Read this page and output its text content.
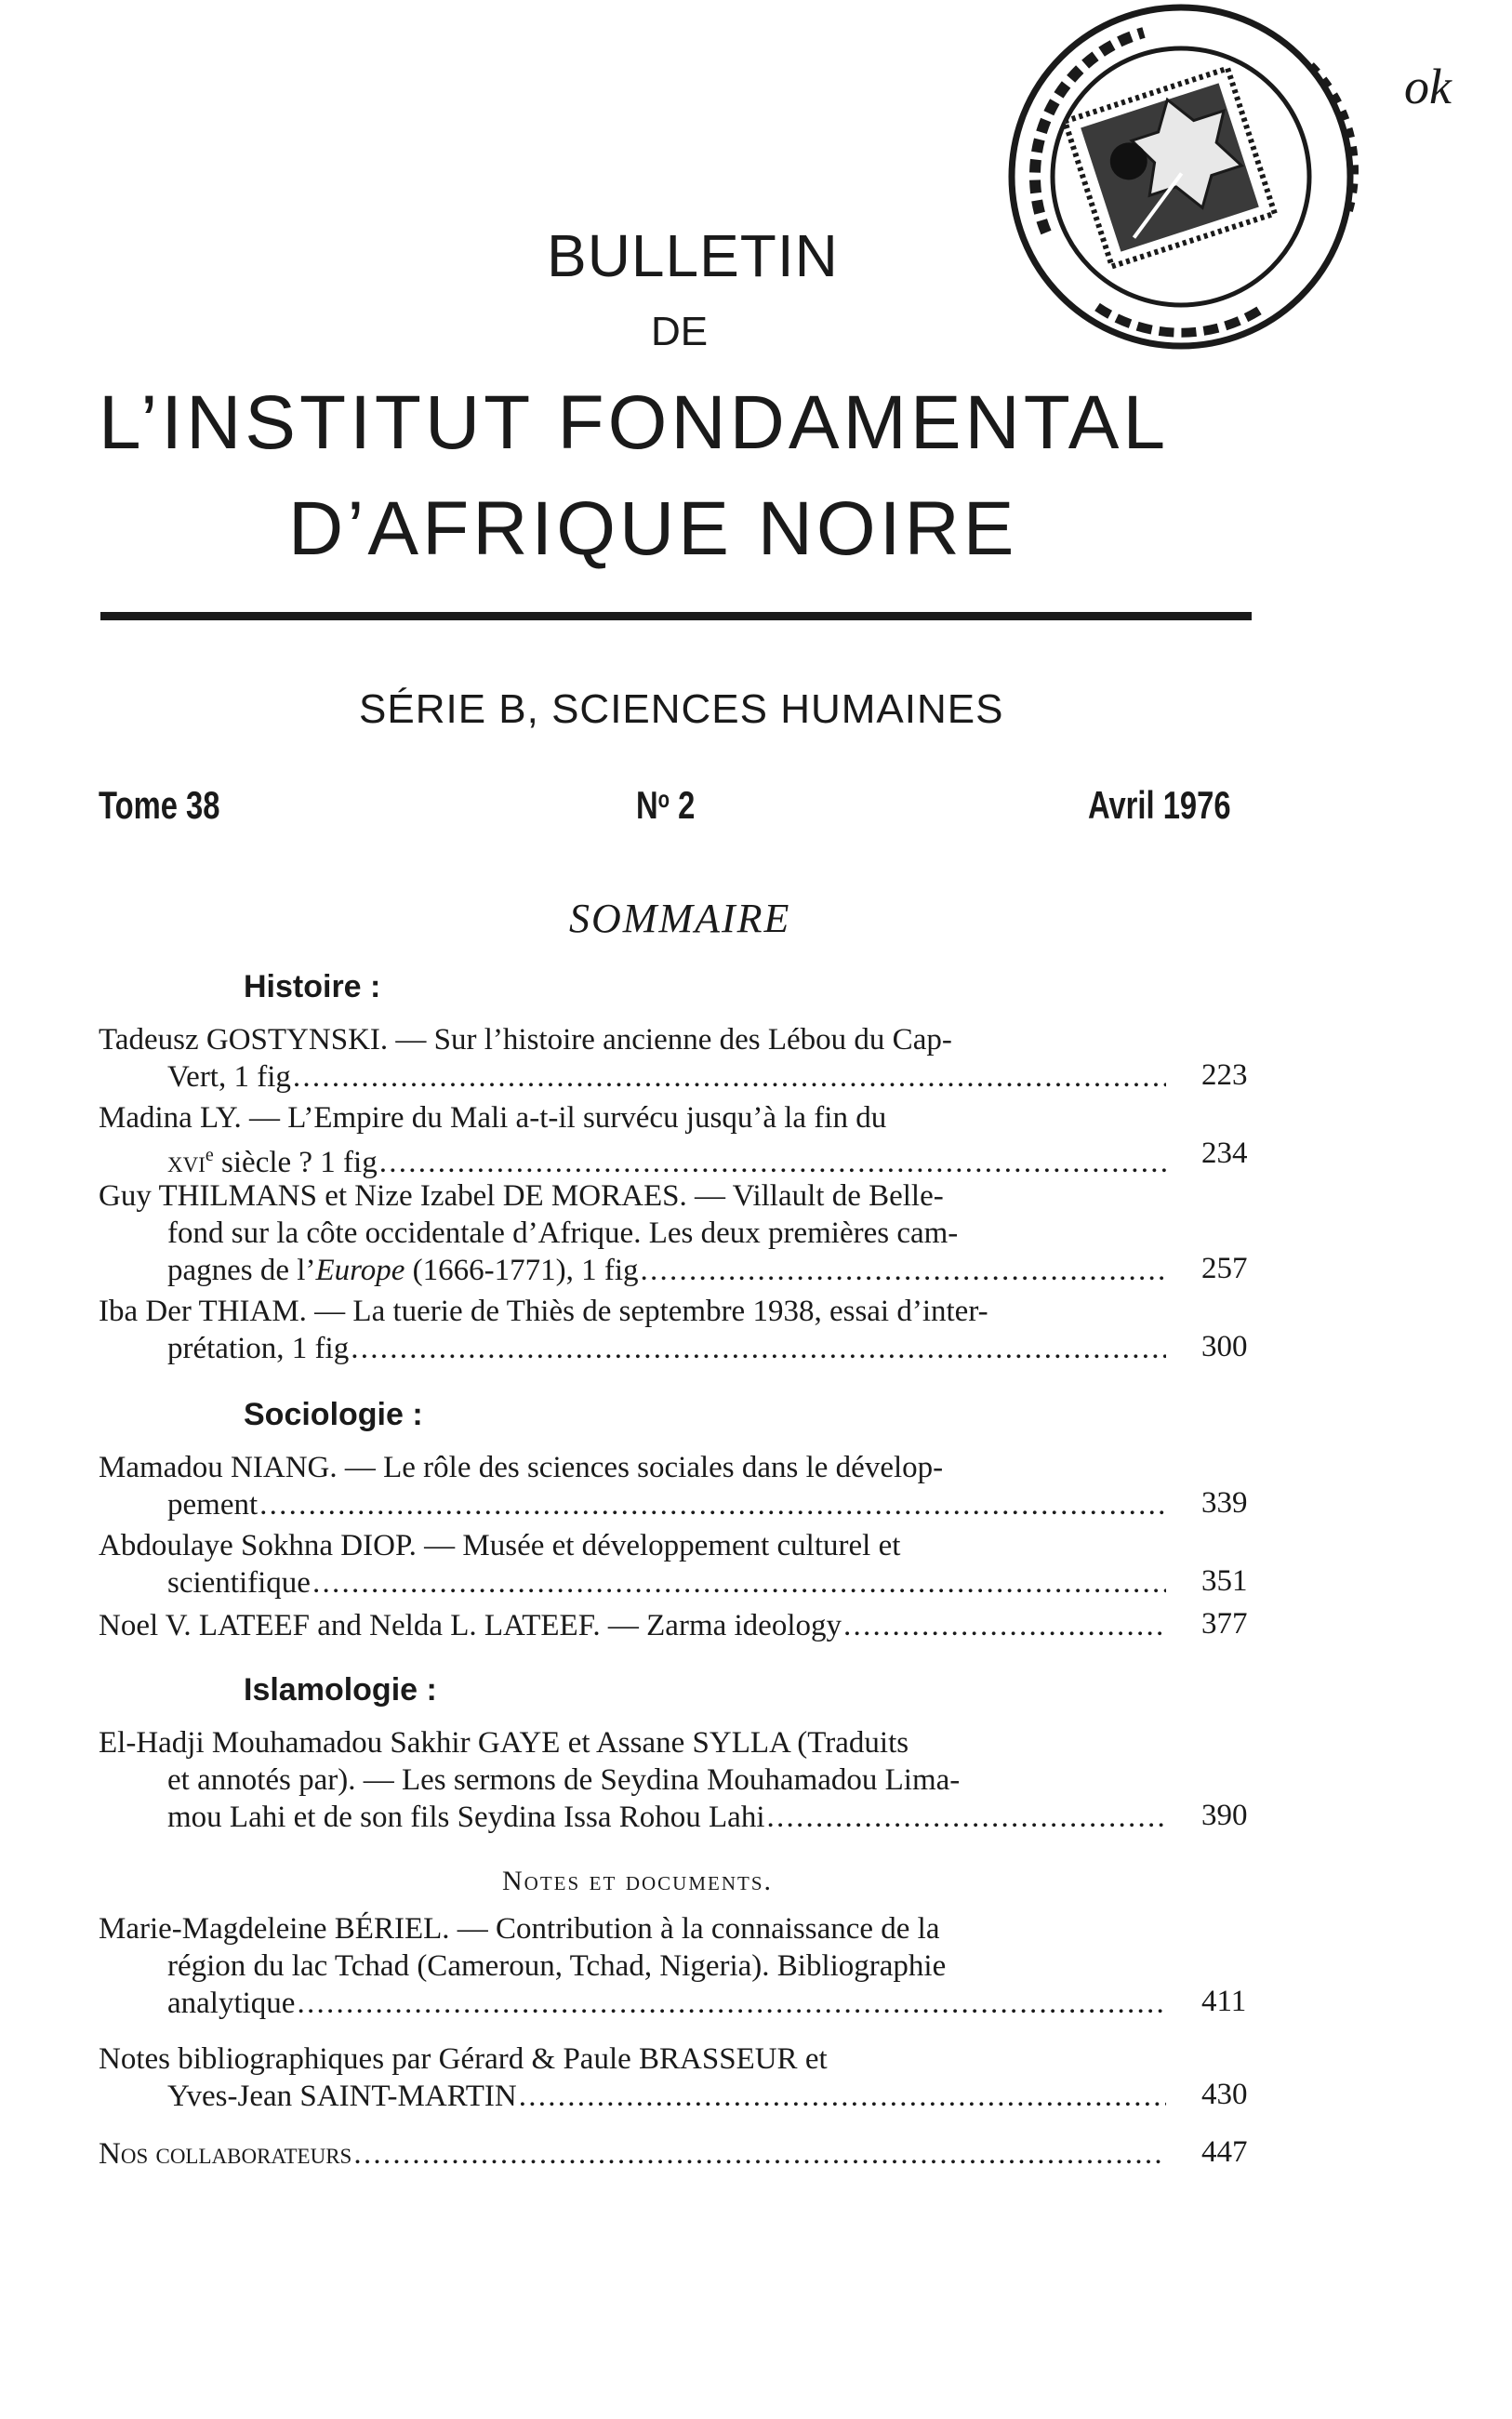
ok
BULLETIN
DE
L’INSTITUT FONDAMENTAL
D’AFRIQUE NOIRE
SÉRIE B, SCIENCES HUMAINES
Tome 38	$N^o$ 2	Avril 1976
SOMMAIRE
Histoire :
Tadeusz GOSTYNSKI. — Sur l’histoire ancienne des Lébou du Cap-
Vert, 1 fig . . .	223
Madina LY. — L’Empire du Mali a-t-il survécu jusqu’à la fin du
xvi$^e$ siècle ? 1 fig . . .	234
Guy THILMANS et Nize Izabel DE MORAES. — Villault de Belle-
fond sur la côte occidentale d’Afrique. Les deux premières cam-
pagnes de l’Europe (1666-1771), 1 fig . . .	257
Iba Der THIAM. — La tuerie de Thiès de septembre 1938, essai d’inter-
prétation, 1 fig . . .	300
Sociologie :
Mamadou NIANG. — Le rôle des sciences sociales dans le dévelop-
pement . . .	339
Abdoulaye Sokhna DIOP. — Musée et développement culturel et
scientifique . . .	351
Noel V. LATEEF and Nelda L. LATEEF. — Zarma ideology . . .	377
Islamologie :
El-Hadji Mouhamadou Sakhir GAYE et Assane SYLLA (Traduits
et annotés par). — Les sermons de Seydina Mouhamadou Lima-
mou Lahi et de son fils Seydina Issa Rohou Lahi . . .	390
Notes et documents.
Marie-Magdeleine BÉRIEL. — Contribution à la connaissance de la
région du lac Tchad (Cameroun, Tchad, Nigeria). Bibliographie
analytique . . .	411
Notes bibliographiques par Gérard & Paule BRASSEUR et
Yves-Jean SAINT-MARTIN . . .	430
Nos collaborateurs . . .	447
